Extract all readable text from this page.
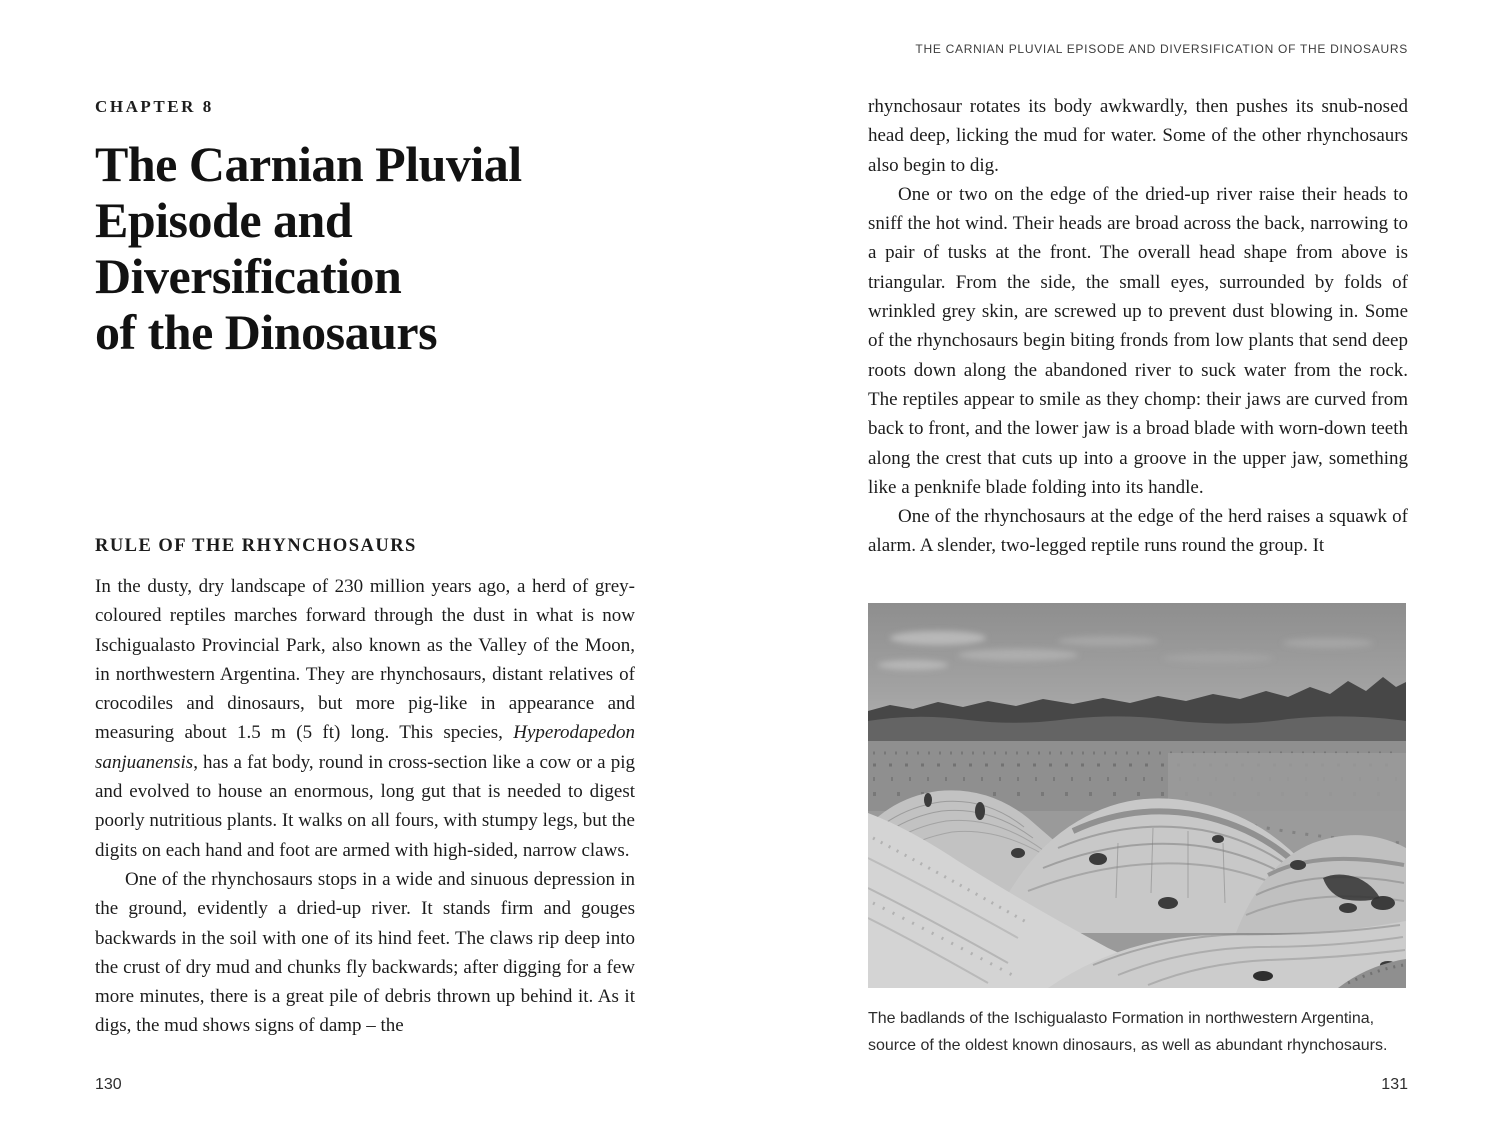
CHAPTER 8
The Carnian Pluvial
Episode and
Diversification
of the Dinosaurs
RULE OF THE RHYNCHOSAURS

In the dusty, dry landscape of 230 million years ago, a herd of grey-coloured reptiles marches forward through the dust in what is now Ischigualasto Provincial Park, also known as the Valley of the Moon, in northwestern Argentina. They are rhynchosaurs, distant relatives of crocodiles and dinosaurs, but more pig-like in appearance and measuring about 1.5 m (5 ft) long. This species, Hyperodapedon sanjuanensis, has a fat body, round in cross-section like a cow or a pig and evolved to house an enormous, long gut that is needed to digest poorly nutritious plants. It walks on all fours, with stumpy legs, but the digits on each hand and foot are armed with high-sided, narrow claws.

One of the rhynchosaurs stops in a wide and sinuous depression in the ground, evidently a dried-up river. It stands firm and gouges backwards in the soil with one of its hind feet. The claws rip deep into the crust of dry mud and chunks fly backwards; after digging for a few more minutes, there is a great pile of debris thrown up behind it. As it digs, the mud shows signs of damp – the

130
THE CARNIAN PLUVIAL EPISODE AND DIVERSIFICATION OF THE DINOSAURS

rhynchosaur rotates its body awkwardly, then pushes its snub-nosed head deep, licking the mud for water. Some of the other rhynchosaurs also begin to dig.

One or two on the edge of the dried-up river raise their heads to sniff the hot wind. Their heads are broad across the back, narrowing to a pair of tusks at the front. The overall head shape from above is triangular. From the side, the small eyes, surrounded by folds of wrinkled grey skin, are screwed up to prevent dust blowing in. Some of the rhynchosaurs begin biting fronds from low plants that send deep roots down along the abandoned river to suck water from the rock. The reptiles appear to smile as they chomp: their jaws are curved from back to front, and the lower jaw is a broad blade with worn-down teeth along the crest that cuts up into a groove in the upper jaw, something like a penknife blade folding into its handle.

One of the rhynchosaurs at the edge of the herd raises a squawk of alarm. A slender, two-legged reptile runs round the group. It

The badlands of the Ischigualasto Formation in northwestern Argentina, source of the oldest known dinosaurs, as well as abundant rhynchosaurs.
131
